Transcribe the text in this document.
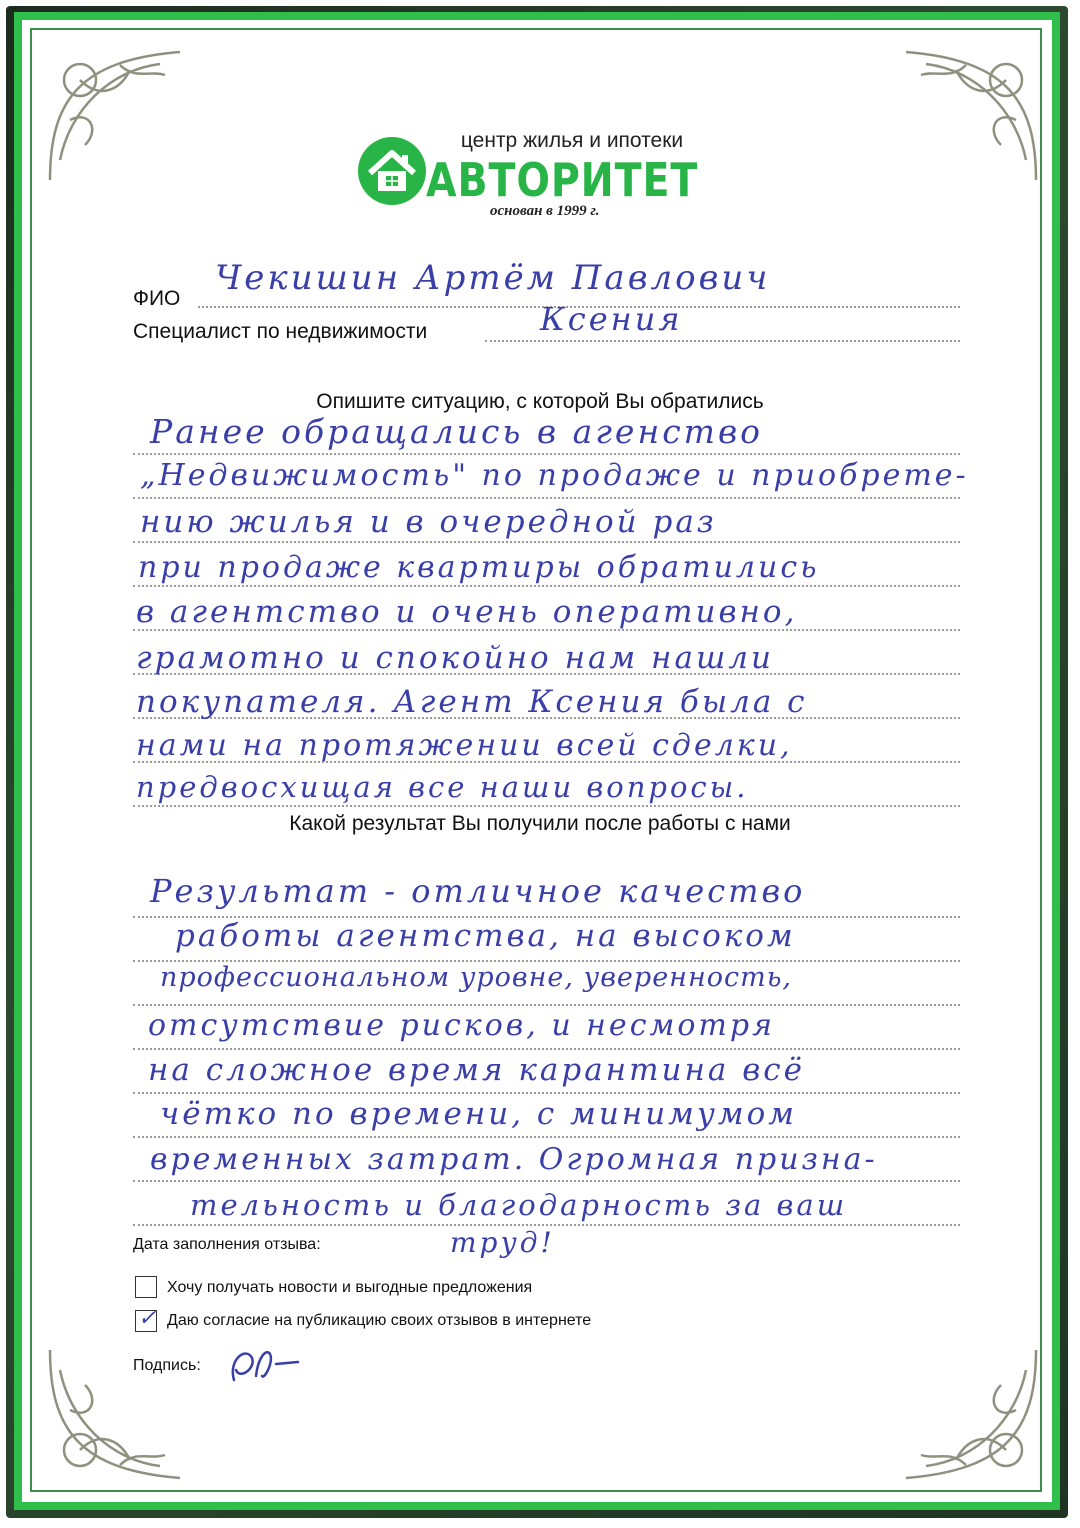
центр жилья и ипотеки
АВТОРИТЕТ
основан в 1999 г.
ФИО
Чекишин Артём Павлович
Специалист по недвижимости	Ксения
Опишите ситуацию, с которой Вы обратились
Ранее обращались в агенство
„Недвижимость" по продаже и приобрете-
нию жилья и в очередной раз
при продаже квартиры обратились
в агентство и очень оперативно,
грамотно и спокойно нам нашли
покупателя. Агент Ксения была с
нами на протяжении всей сделки,
предвосхищая все наши вопросы.
Какой результат Вы получили после работы с нами
Результат - отличное качество
работы агентства, на высоком
профессиональном уровне, уверенность,
отсутствие рисков, и несмотря
на сложное время карантина всё
чётко по времени, с минимумом
временных затрат. Огромная призна-
тельность и благодарность за ваш
труд!
Дата заполнения отзыва:
Хочу получать новости и выгодные предложения
✓ Даю согласие на публикацию своих отзывов в интернете
Подпись:
